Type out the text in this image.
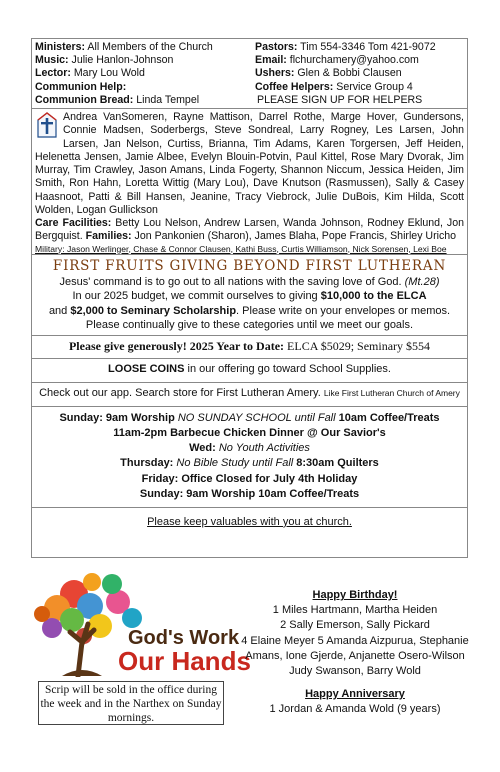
Ministers: All Members of the Church	Pastors: Tim 554-3346 Tom 421-9072
Music: Julie Hanlon-Johnson	Email: flchurchamery@yahoo.com
Lector: Mary Lou Wold	Ushers: Glen & Bobbi Clausen
Communion Help:	Coffee Helpers: Service Group 4
Communion Bread: Linda Tempel	PLEASE SIGN UP FOR HELPERS
Andrea VanSomeren, Rayne Mattison, Darrel Rothe, Marge Hover, Gundersons, Connie Madsen, Soderbergs, Steve Sondreal, Larry Rogney, Les Larsen, John Larsen, Jan Nelson, Curtiss, Brianna, Tim Adams, Karen Torgersen, Jeff Heiden, Helenetta Jensen, Jamie Albee, Evelyn Blouin-Potvin, Paul Kittel, Rose Mary Dvorak, Jim Murray, Tim Crawley, Jason Amans, Linda Fogerty, Shannon Niccum, Jessica Heiden, Jim Smith, Ron Hahn, Loretta Wittig (Mary Lou), Dave Knutson (Rasmussen), Sally & Casey Haasnoot, Patti & Bill Hansen, Jeanine, Tracy Viebrock, Julie DuBois, Kim Hilda, Scott Wolden, Logan Gullickson
Care Facilities: Betty Lou Nelson, Andrew Larsen, Wanda Johnson, Rodney Eklund, Jon Bergquist. Families: Jon Pankonien (Sharon), James Blaha, Pope Francis, Shirley Uricho
Military: Jason Werlinger, Chase & Connor Clausen, Kathi Buss, Curtis Williamson, Nick Sorensen, Lexi Boe
FIRST FRUITS GIVING BEYOND FIRST LUTHERAN

Jesus' command is to go out to all nations with the saving love of God. (Mt.28)

In our 2025 budget, we commit ourselves to giving $10,000 to the ELCA

and $2,000 to Seminary Scholarship. Please write on your envelopes or memos.

Please continually give to these categories until we meet our goals.

Please give generously! 2025 Year to Date: ELCA $5029; Seminary $554
LOOSE COINS in our offering go toward School Supplies.
Check out our app. Search store for First Lutheran Amery. Like First Lutheran Church of Amery
Sunday: 9am Worship NO SUNDAY SCHOOL until Fall 10am Coffee/Treats
11am-2pm Barbecue Chicken Dinner @ Our Savior's
Wed: No Youth Activities
Thursday: No Bible Study until Fall 8:30am Quilters
Friday: Office Closed for July 4th Holiday
Sunday: 9am Worship 10am Coffee/Treats
Please keep valuables with you at church.
God's Work
Our Hands
Scrip will be sold in the office during the week and in the Narthex on Sunday mornings.
Happy Birthday!
1 Miles Hartmann, Martha Heiden
2 Sally Emerson, Sally Pickard
4 Elaine Meyer 5 Amanda Aizpurua, Stephanie
Amans, Ione Gjerde, Anjanette Osero-Wilson
Judy Swanson, Barry Wold
Happy Anniversary
1 Jordan & Amanda Wold (9 years)
